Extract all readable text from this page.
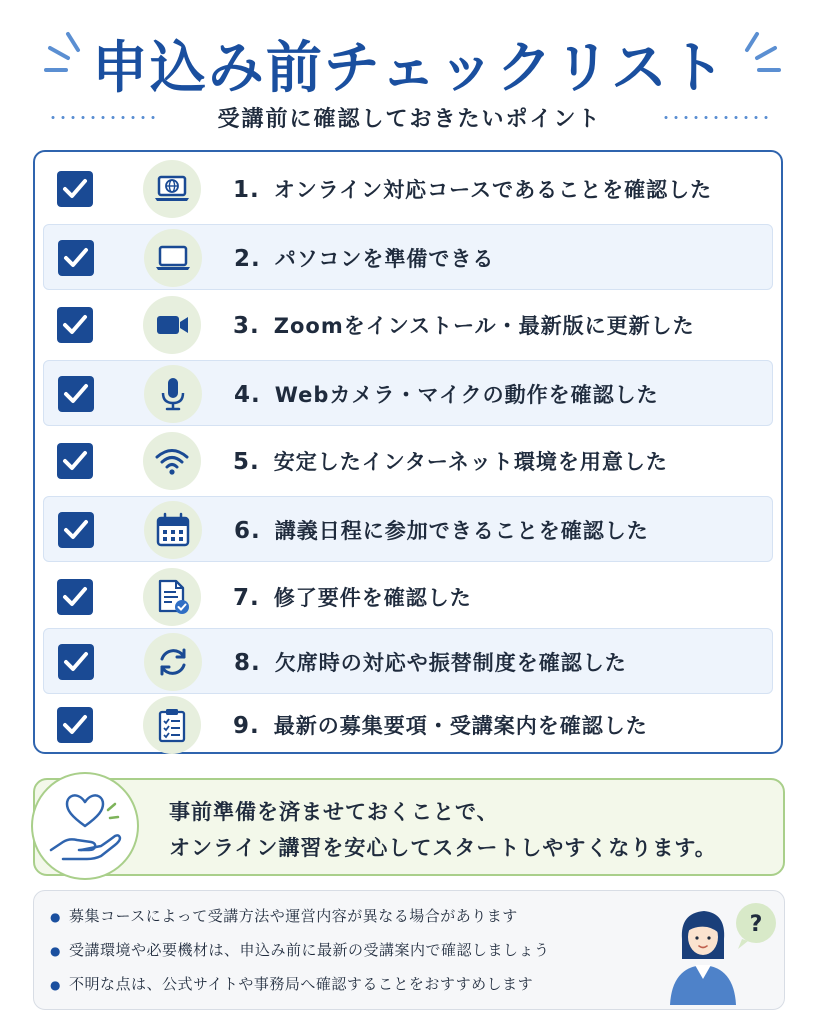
申込み前チェックリスト
受講前に確認しておきたいポイント
1. オンライン対応コースであることを確認した
2. パソコンを準備できる
3. Zoomをインストール・最新版に更新した
4. Webカメラ・マイクの動作を確認した
5. 安定したインターネット環境を用意した
6. 講義日程に参加できることを確認した
7. 修了要件を確認した
8. 欠席時の対応や振替制度を確認した
9. 最新の募集要項・受講案内を確認した
事前準備を済ませておくことで、
オンライン講習を安心してスタートしやすくなります。
● 募集コースによって受講方法や運営内容が異なる場合があります
● 受講環境や必要機材は、申込み前に最新の受講案内で確認しましょう
● 不明な点は、公式サイトや事務局へ確認することをおすすめします
?
